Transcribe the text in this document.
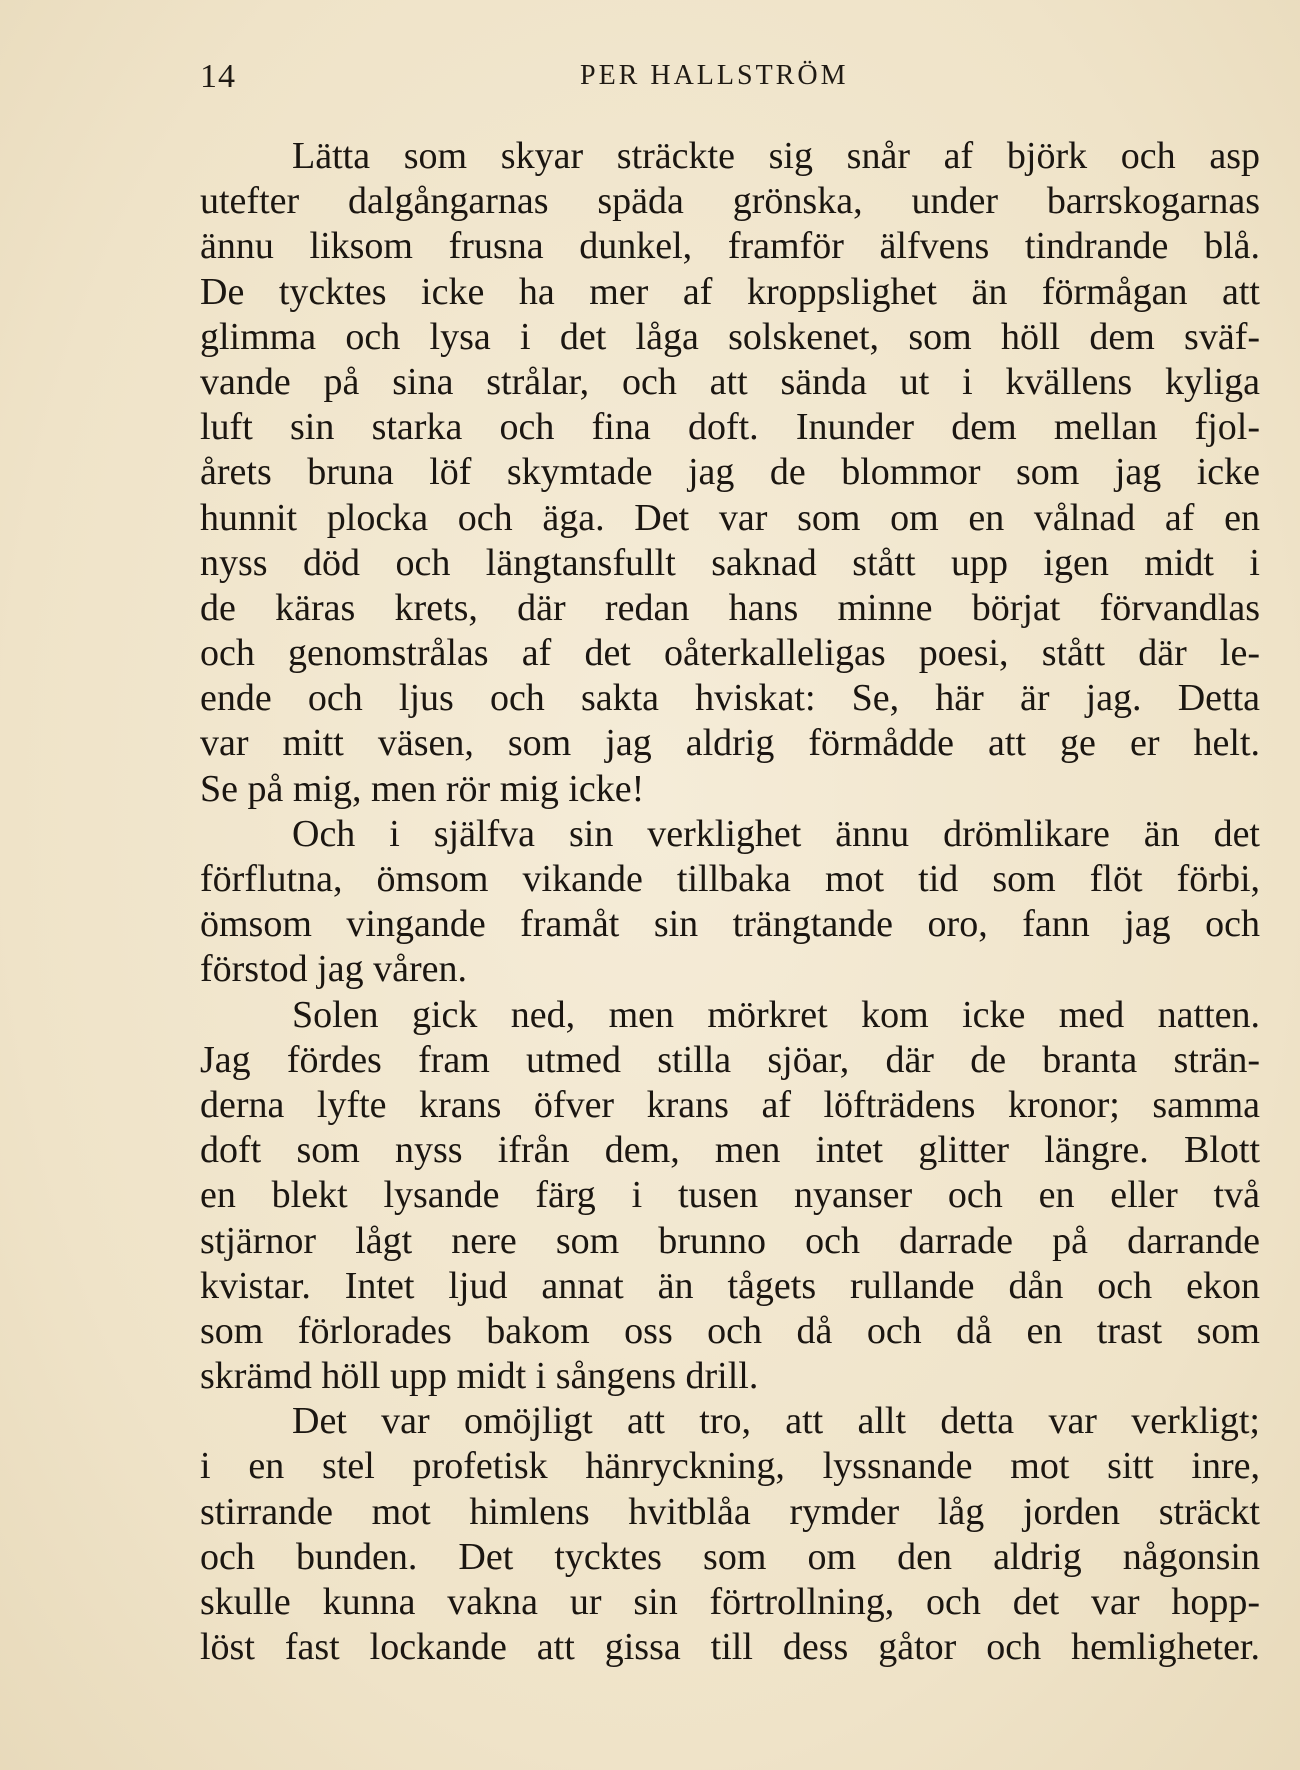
14	PER HALLSTRÖM
Lätta som skyar sträckte sig snår af björk och asp
utefter dalgångarnas späda grönska, under barrskogarnas
ännu liksom frusna dunkel, framför älfvens tindrande blå.
De tycktes icke ha mer af kroppslighet än förmågan att
glimma och lysa i det låga solskenet, som höll dem sväf-
vande på sina strålar, och att sända ut i kvällens kyliga
luft sin starka och fina doft. Inunder dem mellan fjol-
årets bruna löf skymtade jag de blommor som jag icke
hunnit plocka och äga. Det var som om en vålnad af en
nyss död och längtansfullt saknad stått upp igen midt i
de käras krets, där redan hans minne börjat förvandlas
och genomstrålas af det oåterkalleligas poesi, stått där le-
ende och ljus och sakta hviskat: Se, här är jag. Detta
var mitt väsen, som jag aldrig förmådde att ge er helt.
Se på mig, men rör mig icke!
Och i själfva sin verklighet ännu drömlikare än det
förflutna, ömsom vikande tillbaka mot tid som flöt förbi,
ömsom vingande framåt sin trängtande oro, fann jag och
förstod jag våren.
Solen gick ned, men mörkret kom icke med natten.
Jag fördes fram utmed stilla sjöar, där de branta strän-
derna lyfte krans öfver krans af löfträdens kronor; samma
doft som nyss ifrån dem, men intet glitter längre. Blott
en blekt lysande färg i tusen nyanser och en eller två
stjärnor lågt nere som brunno och darrade på darrande
kvistar. Intet ljud annat än tågets rullande dån och ekon
som förlorades bakom oss och då och då en trast som
skrämd höll upp midt i sångens drill.
Det var omöjligt att tro, att allt detta var verkligt;
i en stel profetisk hänryckning, lyssnande mot sitt inre,
stirrande mot himlens hvitblåa rymder låg jorden sträckt
och bunden. Det tycktes som om den aldrig någonsin
skulle kunna vakna ur sin förtrollning, och det var hopp-
löst fast lockande att gissa till dess gåtor och hemligheter.
